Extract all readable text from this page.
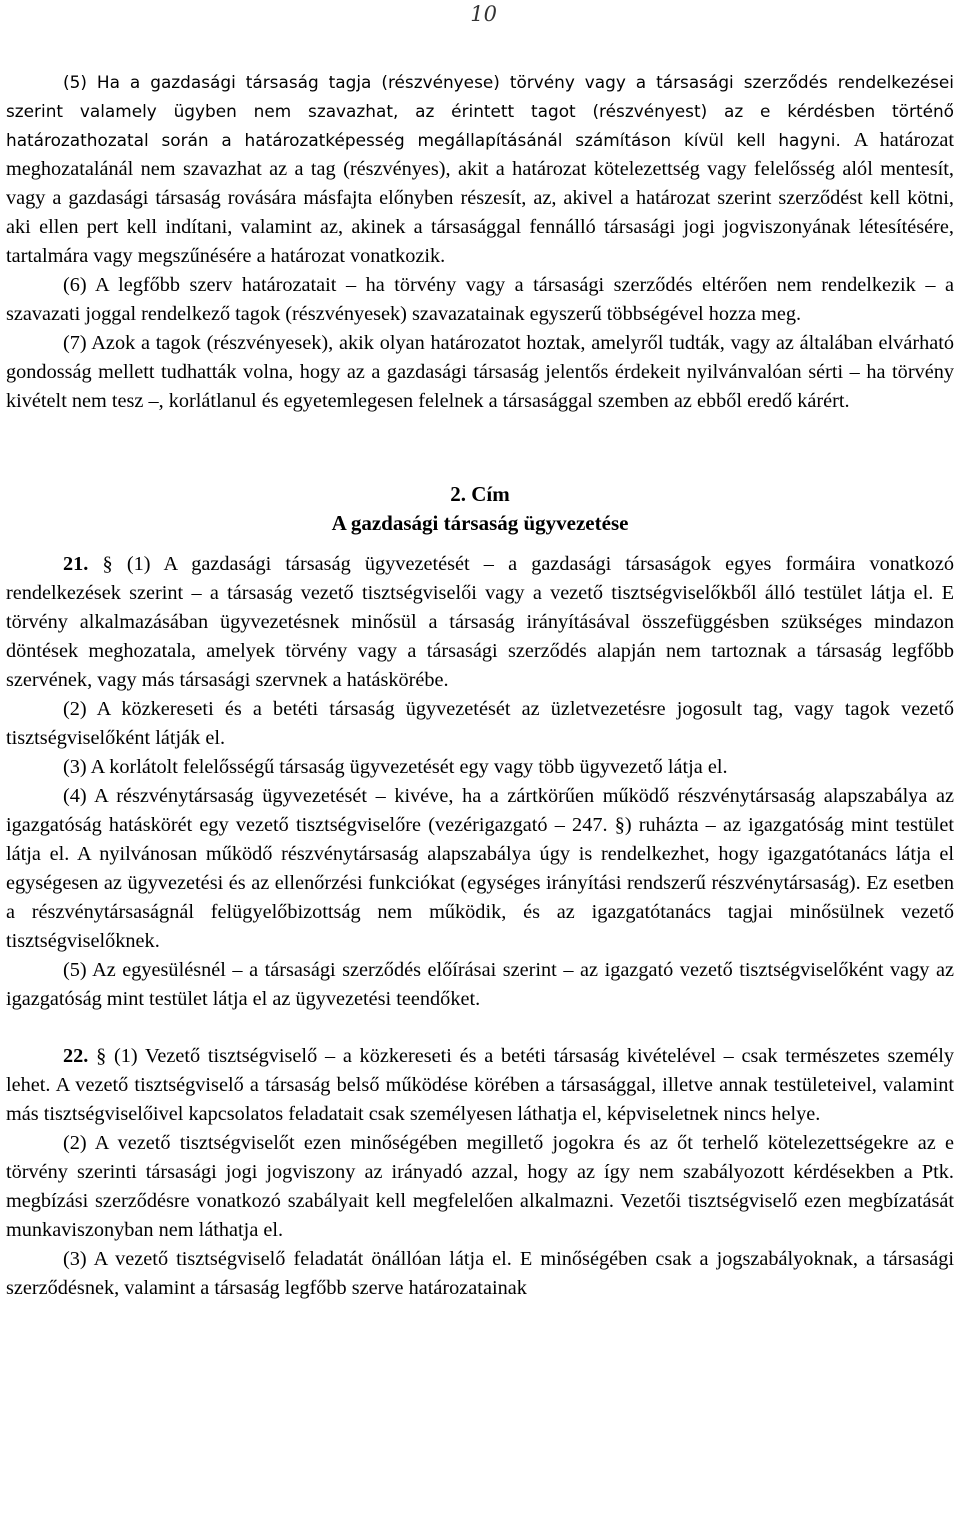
10

(5) Ha a gazdasági társaság tagja (részvényese) törvény vagy a társasági szerződés rendelkezései szerint valamely ügyben nem szavazhat, az érintett tagot (részvényest) az e kérdésben történő határozathozatal során a határozatképesség megállapításánál számításon kívül kell hagyni. A határozat meghozatalánál nem szavazhat az a tag (részvényes), akit a határozat kötelezettség vagy felelősség alól mentesít, vagy a gazdasági társaság rovására másfajta előnyben részesít, az, akivel a határozat szerint szerződést kell kötni, aki ellen pert kell indítani, valamint az, akinek a társasággal fennálló társasági jogi jogviszonyának létesítésére, tartalmára vagy megszűnésére a határozat vonatkozik.

(6) A legfőbb szerv határozatait – ha törvény vagy a társasági szerződés eltérően nem rendelkezik – a szavazati joggal rendelkező tagok (részvényesek) szavazatainak egyszerű többségével hozza meg.

(7) Azok a tagok (részvényesek), akik olyan határozatot hoztak, amelyről tudták, vagy az általában elvárható gondosság mellett tudhatták volna, hogy az a gazdasági társaság jelentős érdekeit nyilvánvalóan sérti – ha törvény kivételt nem tesz –, korlátlanul és egyetemlegesen felelnek a társasággal szemben az ebből eredő kárért.

2. Cím
A gazdasági társaság ügyvezetése

21. § (1) A gazdasági társaság ügyvezetését – a gazdasági társaságok egyes formáira vonatkozó rendelkezések szerint – a társaság vezető tisztségviselői vagy a vezető tisztségviselőkből álló testület látja el. E törvény alkalmazásában ügyvezetésnek minősül a társaság irányításával összefüggésben szükséges mindazon döntések meghozatala, amelyek törvény vagy a társasági szerződés alapján nem tartoznak a társaság legfőbb szervének, vagy más társasági szervnek a hatáskörébe.

(2) A közkereseti és a betéti társaság ügyvezetését az üzletvezetésre jogosult tag, vagy tagok vezető tisztségviselőként látják el.

(3) A korlátolt felelősségű társaság ügyvezetését egy vagy több ügyvezető látja el.

(4) A részvénytársaság ügyvezetését – kivéve, ha a zártkörűen működő részvénytársaság alapszabálya az igazgatóság hatáskörét egy vezető tisztségviselőre (vezérigazgató – 247. §) ruházta – az igazgatóság mint testület látja el. A nyilvánosan működő részvénytársaság alapszabálya úgy is rendelkezhet, hogy igazgatótanács látja el egységesen az ügyvezetési és az ellenőrzési funkciókat (egységes irányítási rendszerű részvénytársaság). Ez esetben a részvénytársaságnál felügyelőbizottság nem működik, és az igazgatótanács tagjai minősülnek vezető tisztségviselőknek.

(5) Az egyesülésnél – a társasági szerződés előírásai szerint – az igazgató vezető tisztségviselőként vagy az igazgatóság mint testület látja el az ügyvezetési teendőket.

22. § (1) Vezető tisztségviselő – a közkereseti és a betéti társaság kivételével – csak természetes személy lehet. A vezető tisztségviselő a társaság belső működése körében a társasággal, illetve annak testületeivel, valamint más tisztségviselőivel kapcsolatos feladatait csak személyesen láthatja el, képviseletnek nincs helye.

(2) A vezető tisztségviselőt ezen minőségében megillető jogokra és az őt terhelő kötelezettségekre az e törvény szerinti társasági jogi jogviszony az irányadó azzal, hogy az így nem szabályozott kérdésekben a Ptk. megbízási szerződésre vonatkozó szabályait kell megfelelően alkalmazni. Vezetői tisztségviselő ezen megbízatását munkaviszonyban nem láthatja el.

(3) A vezető tisztségviselő feladatát önállóan látja el. E minőségében csak a jogszabályoknak, a társasági szerződésnek, valamint a társaság legfőbb szerve határozatainak
